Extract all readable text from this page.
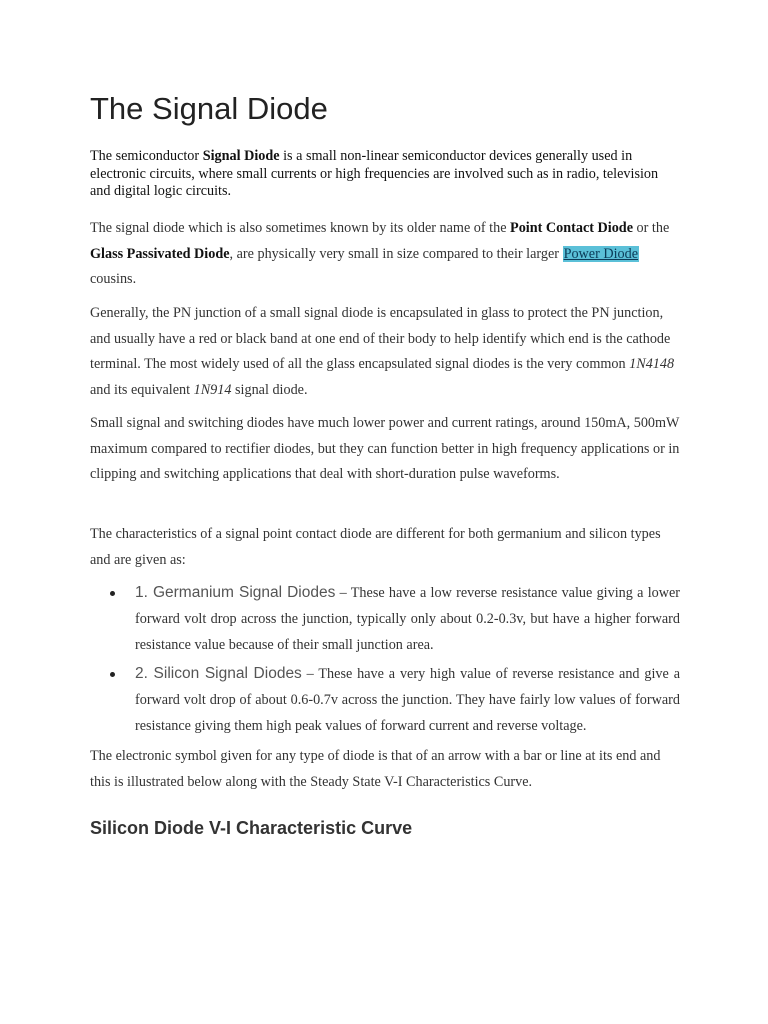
The Signal Diode

The semiconductor Signal Diode is a small non-linear semiconductor devices generally used in electronic circuits, where small currents or high frequencies are involved such as in radio, television and digital logic circuits.

The signal diode which is also sometimes known by its older name of the Point Contact Diode or the Glass Passivated Diode, are physically very small in size compared to their larger Power Diode cousins.

Generally, the PN junction of a small signal diode is encapsulated in glass to protect the PN junction, and usually have a red or black band at one end of their body to help identify which end is the cathode terminal. The most widely used of all the glass encapsulated signal diodes is the very common 1N4148 and its equivalent 1N914 signal diode.

Small signal and switching diodes have much lower power and current ratings, around 150mA, 500mW maximum compared to rectifier diodes, but they can function better in high frequency applications or in clipping and switching applications that deal with short-duration pulse waveforms.

The characteristics of a signal point contact diode are different for both germanium and silicon types and are given as:

1. Germanium Signal Diodes – These have a low reverse resistance value giving a lower forward volt drop across the junction, typically only about 0.2-0.3v, but have a higher forward resistance value because of their small junction area.
2. Silicon Signal Diodes – These have a very high value of reverse resistance and give a forward volt drop of about 0.6-0.7v across the junction. They have fairly low values of forward resistance giving them high peak values of forward current and reverse voltage.

The electronic symbol given for any type of diode is that of an arrow with a bar or line at its end and this is illustrated below along with the Steady State V-I Characteristics Curve.

Silicon Diode V-I Characteristic Curve
